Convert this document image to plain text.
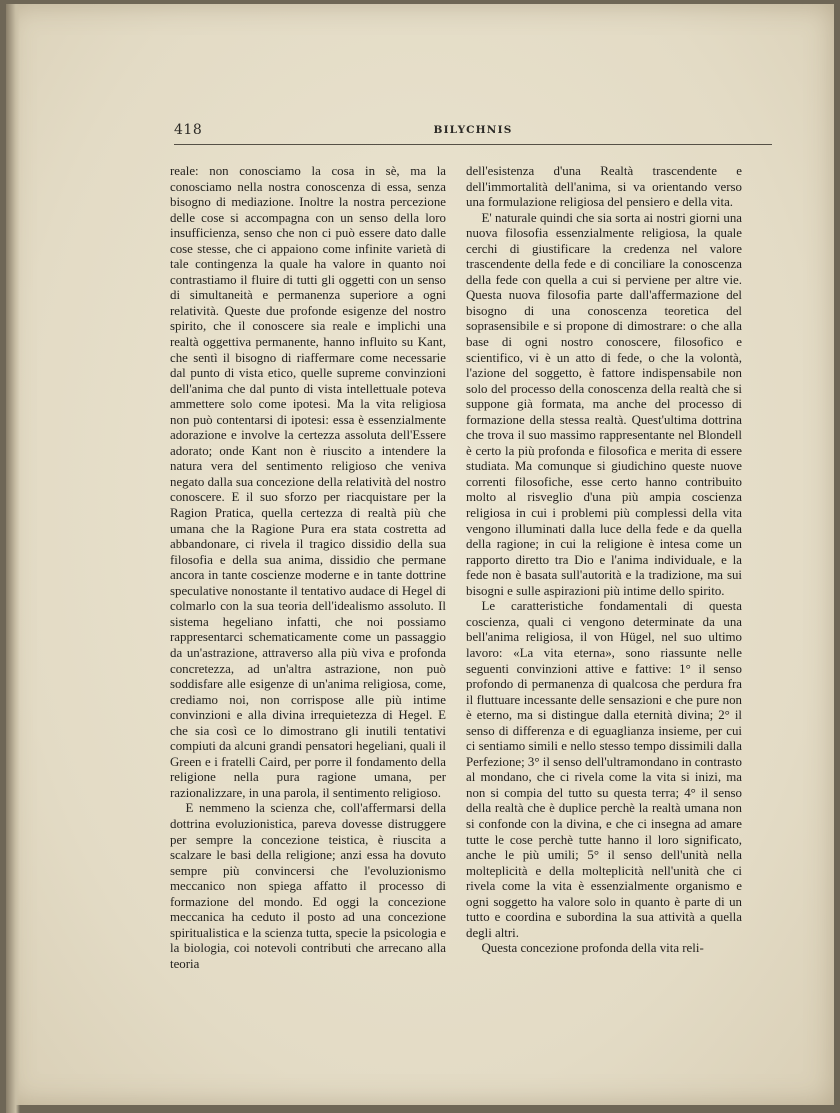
418	BILYCHNIS

reale: non conosciamo la cosa in sè, ma la conosciamo nella nostra conoscenza di essa, senza bisogno di mediazione. Inoltre la nostra percezione delle cose si accompagna con un senso della loro insufficienza, senso che non ci può essere dato dalle cose stesse, che ci appaiono come infinite varietà di tale contingenza la quale ha valore in quanto noi contrastiamo il fluire di tutti gli oggetti con un senso di simultaneità e permanenza superiore a ogni relatività. Queste due profonde esigenze del nostro spirito, che il conoscere sia reale e implichi una realtà oggettiva permanente, hanno influito su Kant, che sentì il bisogno di riaffermare come necessarie dal punto di vista etico, quelle supreme convinzioni dell'anima che dal punto di vista intellettuale poteva ammettere solo come ipotesi. Ma la vita religiosa non può contentarsi di ipotesi: essa è essenzialmente adorazione e involve la certezza assoluta dell'Essere adorato; onde Kant non è riuscito a intendere la natura vera del sentimento religioso che veniva negato dalla sua concezione della relatività del nostro conoscere. E il suo sforzo per riacquistare per la Ragion Pratica, quella certezza di realtà più che umana che la Ragione Pura era stata costretta ad abbandonare, ci rivela il tragico dissidio della sua filosofia e della sua anima, dissidio che permane ancora in tante coscienze moderne e in tante dottrine speculative nonostante il tentativo audace di Hegel di colmarlo con la sua teoria dell'idealismo assoluto. Il sistema hegeliano infatti, che noi possiamo rappresentarci schematicamente come un passaggio da un'astrazione, attraverso alla più viva e profonda concretezza, ad un'altra astrazione, non può soddisfare alle esigenze di un'anima religiosa, come, crediamo noi, non corrispose alle più intime convinzioni e alla divina irrequietezza di Hegel. E che sia così ce lo dimostrano gli inutili tentativi compiuti da alcuni grandi pensatori hegeliani, quali il Green e i fratelli Caird, per porre il fondamento della religione nella pura ragione umana, per razionalizzare, in una parola, il sentimento religioso.

E nemmeno la scienza che, coll'affermarsi della dottrina evoluzionistica, pareva dovesse distruggere per sempre la concezione teistica, è riuscita a scalzare le basi della religione; anzi essa ha dovuto sempre più convincersi che l'evoluzionismo meccanico non spiega affatto il processo di formazione del mondo. Ed oggi la concezione meccanica ha ceduto il posto ad una concezione spiritualistica e la scienza tutta, specie la psicologia e la biologia, coi notevoli contributi che arrecano alla teoria

dell'esistenza d'una Realtà trascendente e dell'immortalità dell'anima, si va orientando verso una formulazione religiosa del pensiero e della vita.

E' naturale quindi che sia sorta ai nostri giorni una nuova filosofia essenzialmente religiosa, la quale cerchi di giustificare la credenza nel valore trascendente della fede e di conciliare la conoscenza della fede con quella a cui si perviene per altre vie. Questa nuova filosofia parte dall'affermazione del bisogno di una conoscenza teoretica del soprasensibile e si propone di dimostrare: o che alla base di ogni nostro conoscere, filosofico e scientifico, vi è un atto di fede, o che la volontà, l'azione del soggetto, è fattore indispensabile non solo del processo della conoscenza della realtà che si suppone già formata, ma anche del processo di formazione della stessa realtà. Quest'ultima dottrina che trova il suo massimo rappresentante nel Blondell è certo la più profonda e filosofica e merita di essere studiata. Ma comunque si giudichino queste nuove correnti filosofiche, esse certo hanno contribuito molto al risveglio d'una più ampia coscienza religiosa in cui i problemi più complessi della vita vengono illuminati dalla luce della fede e da quella della ragione; in cui la religione è intesa come un rapporto diretto tra Dio e l'anima individuale, e la fede non è basata sull'autorità e la tradizione, ma sui bisogni e sulle aspirazioni più intime dello spirito.

Le caratteristiche fondamentali di questa coscienza, quali ci vengono determinate da una bell'anima religiosa, il von Hügel, nel suo ultimo lavoro: «La vita eterna», sono riassunte nelle seguenti convinzioni attive e fattive: 1° il senso profondo di permanenza di qualcosa che perdura fra il fluttuare incessante delle sensazioni e che pure non è eterno, ma si distingue dalla eternità divina; 2° il senso di differenza e di eguaglianza insieme, per cui ci sentiamo simili e nello stesso tempo dissimili dalla Perfezione; 3° il senso dell'ultramondano in contrasto al mondano, che ci rivela come la vita si inizi, ma non si compia del tutto su questa terra; 4° il senso della realtà che è duplice perchè la realtà umana non si confonde con la divina, e che ci insegna ad amare tutte le cose perchè tutte hanno il loro significato, anche le più umili; 5° il senso dell'unità nella molteplicità e della molteplicità nell'unità che ci rivela come la vita è essenzialmente organismo e ogni soggetto ha valore solo in quanto è parte di un tutto e coordina e subordina la sua attività a quella degli altri.

Questa concezione profonda della vita reli-
